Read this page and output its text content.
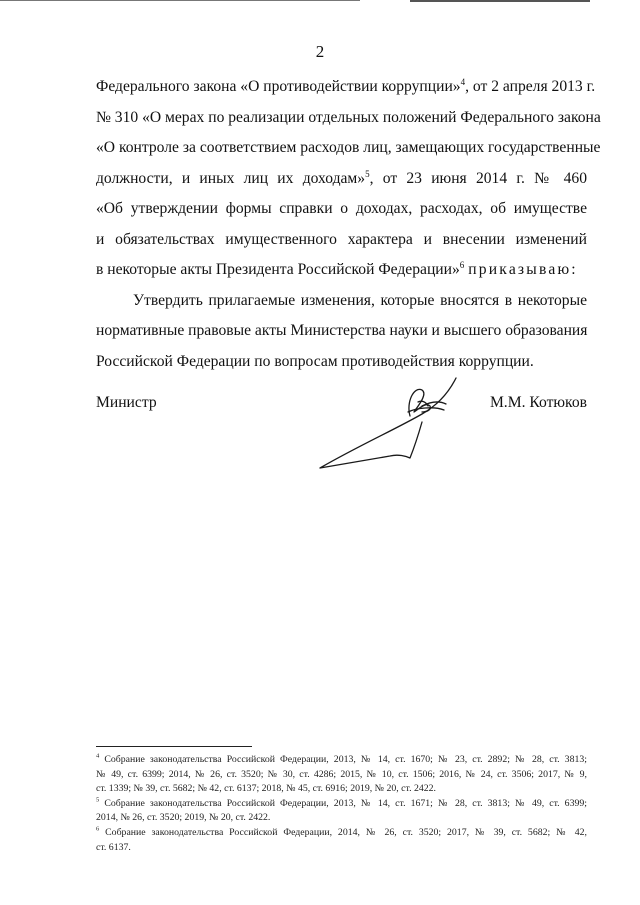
2

Федерального закона «О противодействии коррупции»$^4$, от 2 апреля 2013 г.
№ 310 «О мерах по реализации отдельных положений Федерального закона
«О контроле за соответствием расходов лиц, замещающих государственные
должности, и иных лиц их доходам»$^5$, от 23 июня 2014 г. № 460
«Об утверждении формы справки о доходах, расходах, об имуществе
и обязательствах имущественного характера и внесении изменений
в некоторые акты Президента Российской Федерации»$^6$ приказываю:

Утвердить прилагаемые изменения, которые вносятся в некоторые
нормативные правовые акты Министерства науки и высшего образования
Российской Федерации по вопросам противодействия коррупции.

Министр	М.М. Котюков
$^4$ Собрание законодательства Российской Федерации, 2013, № 14, ст. 1670; № 23, ст. 2892; № 28, ст. 3813;
№ 49, ст. 6399; 2014, № 26, ст. 3520; № 30, ст. 4286; 2015, № 10, ст. 1506; 2016, № 24, ст. 3506; 2017, № 9,
ст. 1339; № 39, ст. 5682; № 42, ст. 6137; 2018, № 45, ст. 6916; 2019, № 20, ст. 2422.
$^5$ Собрание законодательства Российской Федерации, 2013, № 14, ст. 1671; № 28, ст. 3813; № 49, ст. 6399;
2014, № 26, ст. 3520; 2019, № 20, ст. 2422.
$^6$ Собрание законодательства Российской Федерации, 2014, № 26, ст. 3520; 2017, № 39, ст. 5682; № 42,
ст. 6137.
